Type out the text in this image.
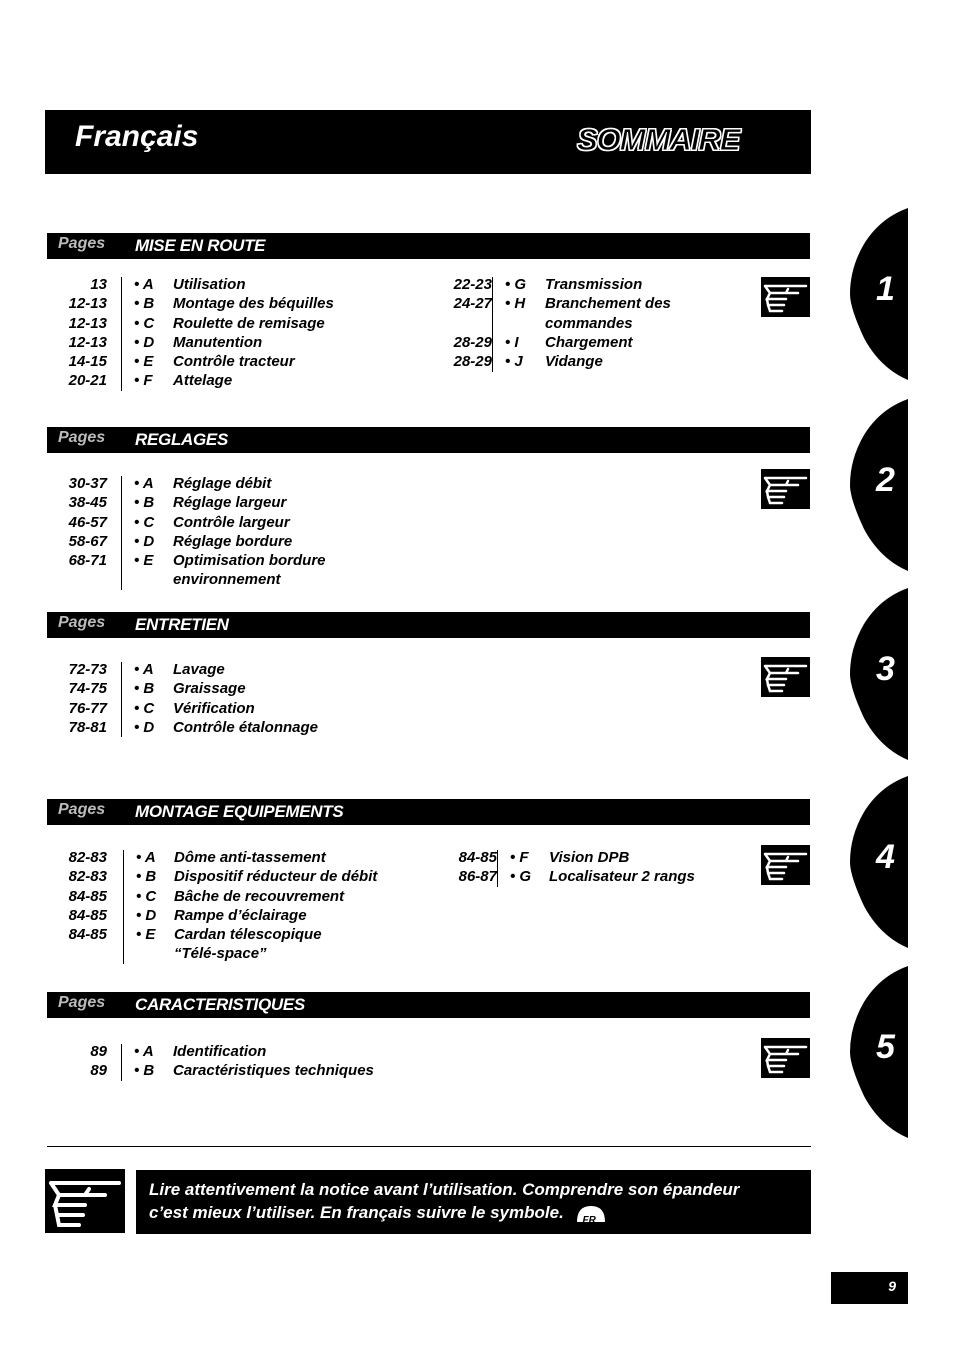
Français	SOMMAIRE
Pages MISE EN ROUTE
13
12-13
12-13
12-13
14-15
20-21
• A
• B
• C
• D
• E
• F
Utilisation
Montage des béquilles
Roulette de remisage
Manutention
Contrôle tracteur
Attelage
22-23
24-27
28-29
28-29
• G
• H
• I
• J
Transmission
Branchement des
commandes
Chargement
Vidange
Pages REGLAGES
30-37
38-45
46-57
58-67
68-71
• A
• B
• C
• D
• E
Réglage débit
Réglage largeur
Contrôle largeur
Réglage bordure
Optimisation bordure
environnement
Pages ENTRETIEN
72-73
74-75
76-77
78-81
• A
• B
• C
• D
Lavage
Graissage
Vérification
Contrôle étalonnage
Pages MONTAGE EQUIPEMENTS
82-83
82-83
84-85
84-85
84-85
• A
• B
• C
• D
• E
Dôme anti-tassement
Dispositif réducteur de débit
Bâche de recouvrement
Rampe d’éclairage
Cardan télescopique
“Télé-space”
84-85
86-87
• F
• G
Vision DPB
Localisateur 2 rangs
Pages CARACTERISTIQUES
89
89
• A
• B
Identification
Caractéristiques techniques
1
2
3
4
5
Lire attentivement la notice avant l’utilisation. Comprendre son épandeur
c’est mieux l’utiliser. En français suivre le symbole. FR
9
